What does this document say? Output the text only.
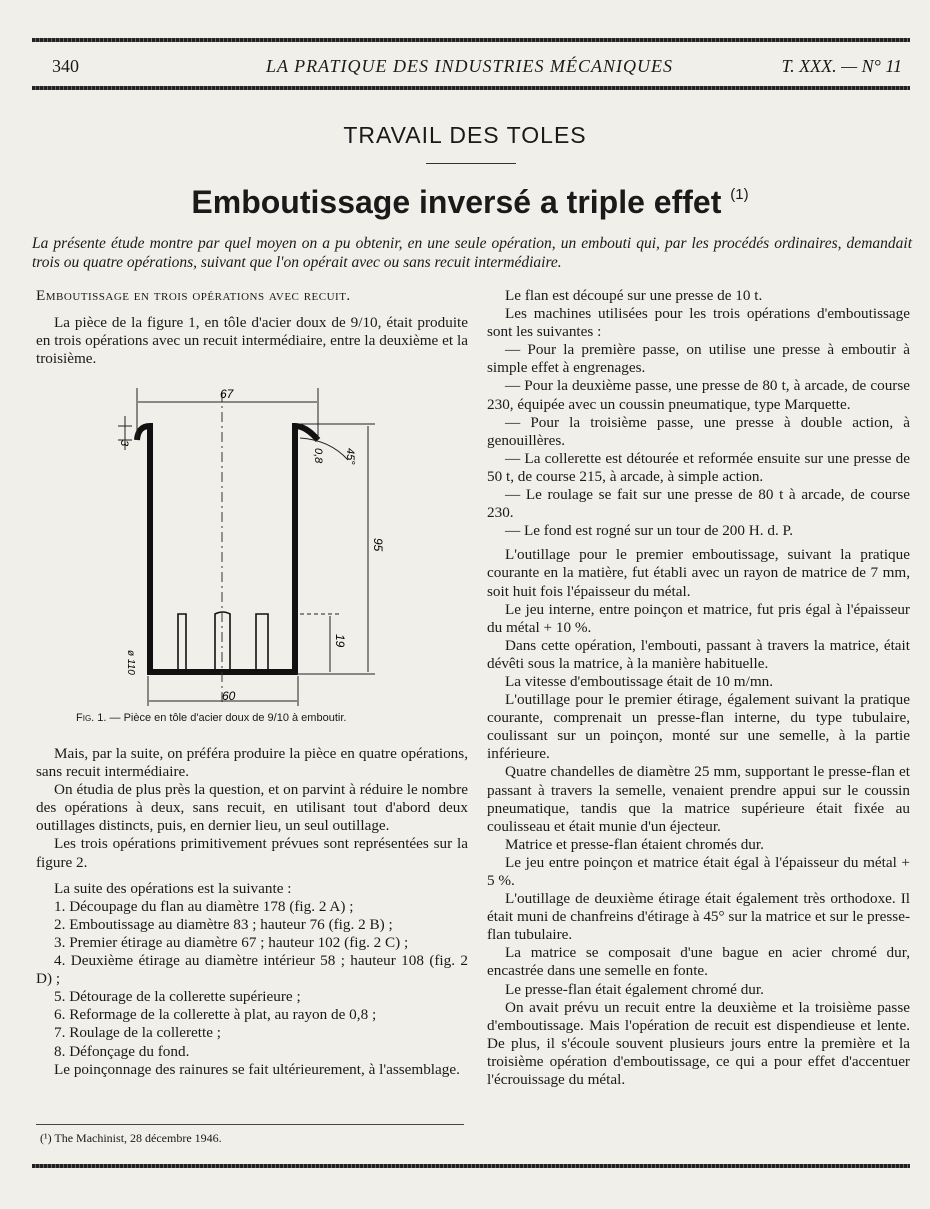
340	LA PRATIQUE DES INDUSTRIES MÉCANIQUES	T. XXX. — N° 11
TRAVAIL DES TOLES
Emboutissage inversé a triple effet $^{(1)}$
La présente étude montre par quel moyen on a pu obtenir, en une seule opération, un embouti qui, par les procédés ordinaires, demandait trois ou quatre opérations, suivant que l'on opérait avec ou sans recuit intermédiaire.

Emboutissage en trois opérations avec recuit.

La pièce de la figure 1, en tôle d'acier doux de 9/10, était produite en trois opérations avec un recuit intermédiaire, entre la deuxième et la troisième.

67
3
45°
0,8
95
19
60
ø 110
Fig. 1. — Pièce en tôle d'acier doux de 9/10 à emboutir.

Mais, par la suite, on préféra produire la pièce en quatre opérations, sans recuit intermédiaire.

On étudia de plus près la question, et on parvint à réduire le nombre des opérations à deux, sans recuit, en utilisant tout d'abord deux outillages distincts, puis, en dernier lieu, un seul outillage.

Les trois opérations primitivement prévues sont représentées sur la figure 2.

La suite des opérations est la suivante :

1. Découpage du flan au diamètre 178 (fig. 2 A) ;

2. Emboutissage au diamètre 83 ; hauteur 76 (fig. 2 B) ;

3. Premier étirage au diamètre 67 ; hauteur 102 (fig. 2 C) ;

4. Deuxième étirage au diamètre intérieur 58 ; hauteur 108 (fig. 2 D) ;

5. Détourage de la collerette supérieure ;

6. Reformage de la collerette à plat, au rayon de 0,8 ;

7. Roulage de la collerette ;

8. Défonçage du fond.

Le poinçonnage des rainures se fait ultérieurement, à l'assemblage.

(¹) The Machinist, 28 décembre 1946.

Le flan est découpé sur une presse de 10 t.

Les machines utilisées pour les trois opérations d'emboutissage sont les suivantes :

— Pour la première passe, on utilise une presse à emboutir à simple effet à engrenages.

— Pour la deuxième passe, une presse de 80 t, à arcade, de course 230, équipée avec un coussin pneumatique, type Marquette.

— Pour la troisième passe, une presse à double action, à genouillères.

— La collerette est détourée et reformée ensuite sur une presse de 50 t, de course 215, à arcade, à simple action.

— Le roulage se fait sur une presse de 80 t à arcade, de course 230.

— Le fond est rogné sur un tour de 200 H. d. P.

L'outillage pour le premier emboutissage, suivant la pratique courante en la matière, fut établi avec un rayon de matrice de 7 mm, soit huit fois l'épaisseur du métal.

Le jeu interne, entre poinçon et matrice, fut pris égal à l'épaisseur du métal + 10 %.

Dans cette opération, l'embouti, passant à travers la matrice, était dévêti sous la matrice, à la manière habituelle.

La vitesse d'emboutissage était de 10 m/mn.

L'outillage pour le premier étirage, également suivant la pratique courante, comprenait un presse-flan interne, du type tubulaire, coulissant sur un poinçon, monté sur une semelle, à la partie inférieure.

Quatre chandelles de diamètre 25 mm, supportant le presse-flan et passant à travers la semelle, venaient prendre appui sur le coussin pneumatique, tandis que la matrice supérieure était fixée au coulisseau et était munie d'un éjecteur.

Matrice et presse-flan étaient chromés dur.

Le jeu entre poinçon et matrice était égal à l'épaisseur du métal + 5 %.

L'outillage de deuxième étirage était également très orthodoxe. Il était muni de chanfreins d'étirage à 45° sur la matrice et sur le presse-flan tubulaire.

La matrice se composait d'une bague en acier chromé dur, encastrée dans une semelle en fonte.

Le presse-flan était également chromé dur.

On avait prévu un recuit entre la deuxième et la troisième passe d'emboutissage. Mais l'opération de recuit est dispendieuse et lente. De plus, il s'écoule souvent plusieurs jours entre la première et la troisième opération d'emboutissage, ce qui a pour effet d'accentuer l'écrouissage du métal.
